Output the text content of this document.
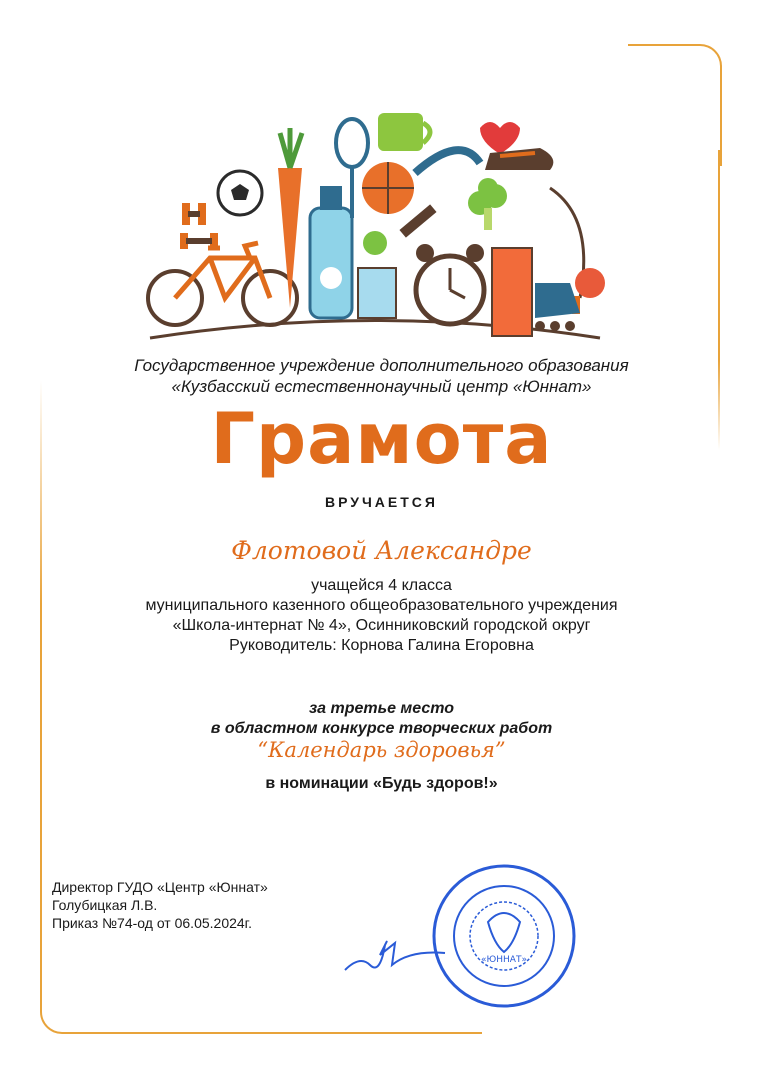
Государственное учреждение дополнительного образования
«Кузбасский естественнонаучный центр «Юннат»
Грамота
ВРУЧАЕТСЯ
Флотовой Александре
учащейся 4 класса
муниципального казенного общеобразовательного учреждения
«Школа-интернат № 4», Осинниковский городской округ
Руководитель: Корнова Галина Егоровна
за третье место
в областном конкурсе творческих работ
“Календарь здоровья”
в номинации «Будь здоров!»
Директор ГУДО «Центр «Юннат»
Голубицкая Л.В.
Приказ №74-од от 06.05.2024г.
«ЮННАТ»
